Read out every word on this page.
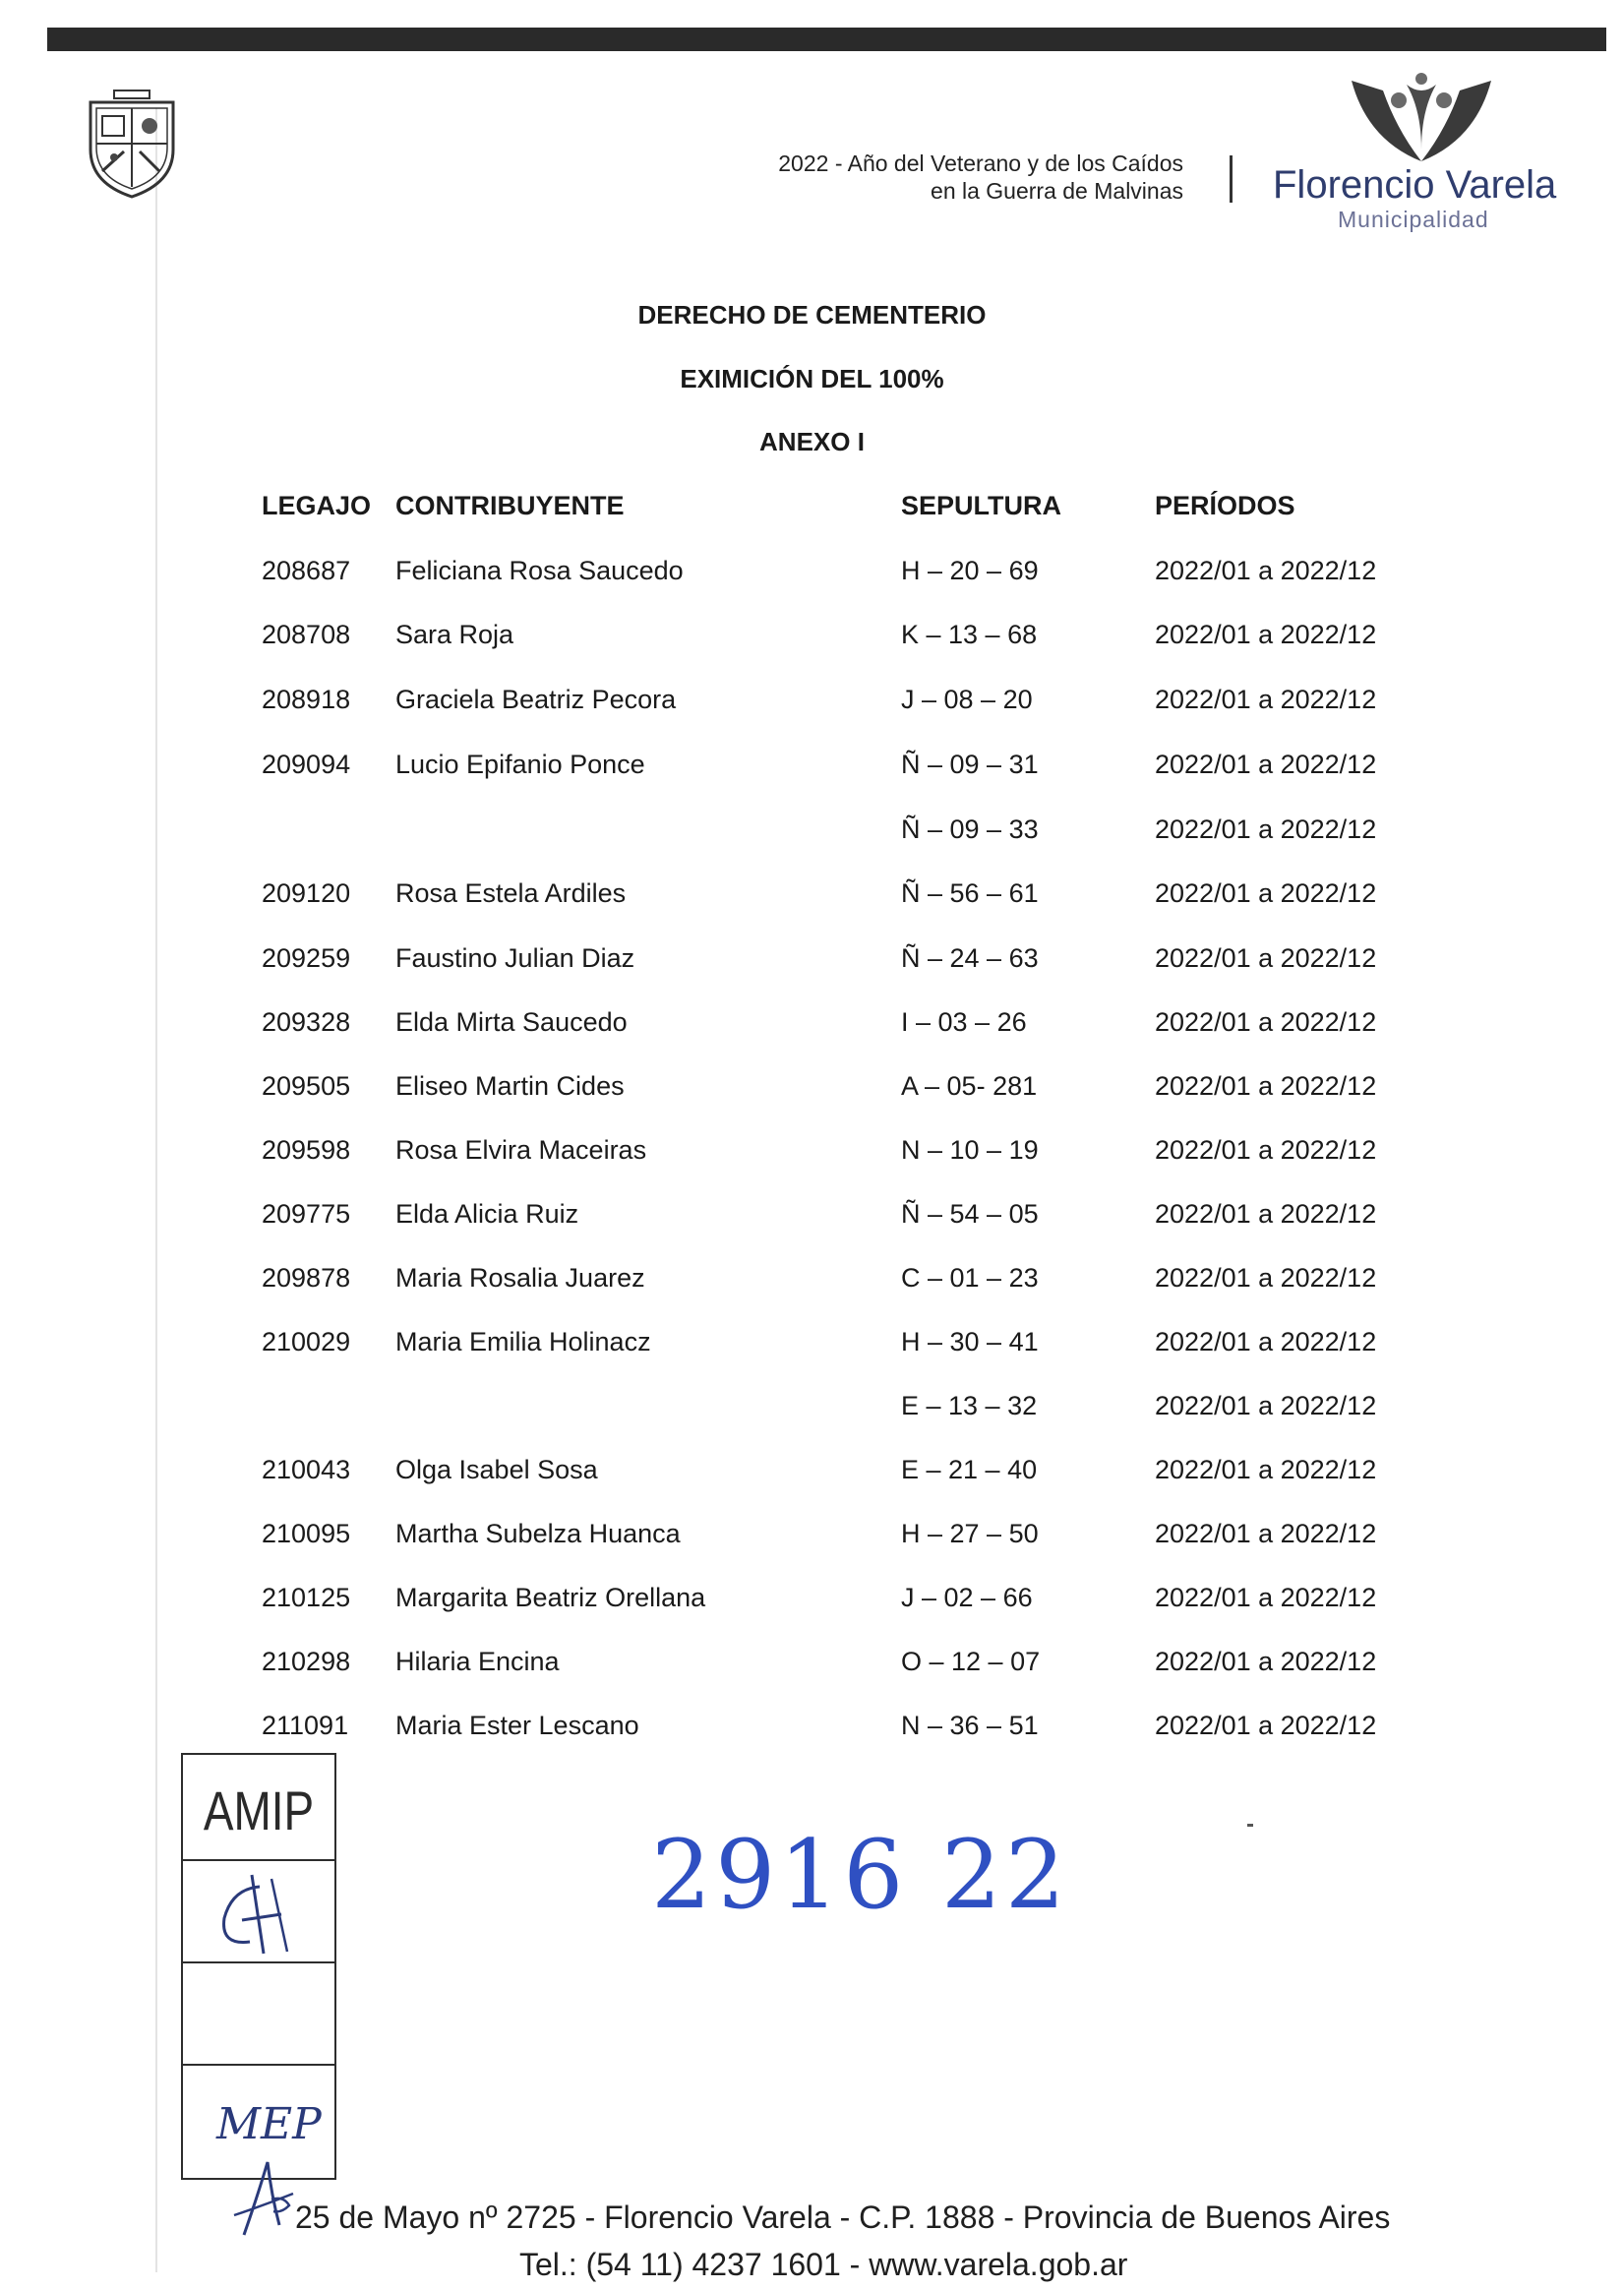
2022 - Año del Veterano y de los Caídos
en la Guerra de Malvinas Florencio Varela
Municipalidad
DERECHO DE CEMENTERIO
EXIMICIÓN DEL 100%
ANEXO I
LEGAJO CONTRIBUYENTE	SEPULTURA	PERÍODOS
208687 Feliciana Rosa Saucedo	H – 20 – 69	2022/01 a 2022/12
208708 Sara Roja	K – 13 – 68	2022/01 a 2022/12
208918 Graciela Beatriz Pecora	J – 08 – 20	2022/01 a 2022/12
209094 Lucio Epifanio Ponce	Ñ – 09 – 31	2022/01 a 2022/12
Ñ – 09 – 33	2022/01 a 2022/12
209120 Rosa Estela Ardiles	Ñ – 56 – 61	2022/01 a 2022/12
209259 Faustino Julian Diaz	Ñ – 24 – 63	2022/01 a 2022/12
209328 Elda Mirta Saucedo	I – 03 – 26	2022/01 a 2022/12
209505 Eliseo Martin Cides	A – 05- 281	2022/01 a 2022/12
209598 Rosa Elvira Maceiras	N – 10 – 19	2022/01 a 2022/12
209775 Elda Alicia Ruiz	Ñ – 54 – 05	2022/01 a 2022/12
209878 Maria Rosalia Juarez	C – 01 – 23	2022/01 a 2022/12
210029 Maria Emilia Holinacz	H – 30 – 41	2022/01 a 2022/12
E – 13 – 32	2022/01 a 2022/12
210043 Olga Isabel Sosa	E – 21 – 40	2022/01 a 2022/12
210095 Martha Subelza Huanca	H – 27 – 50	2022/01 a 2022/12
210125 Margarita Beatriz Orellana	J – 02 – 66	2022/01 a 2022/12
210298 Hilaria Encina	O – 12 – 07	2022/01 a 2022/12
211091 Maria Ester Lescano	N – 36 – 51	2022/01 a 2022/12
AMIP
MEP
2916 22
25 de Mayo nº 2725 - Florencio Varela - C.P. 1888 - Provincia de Buenos Aires
Tel.: (54 11) 4237 1601 - www.varela.gob.ar
